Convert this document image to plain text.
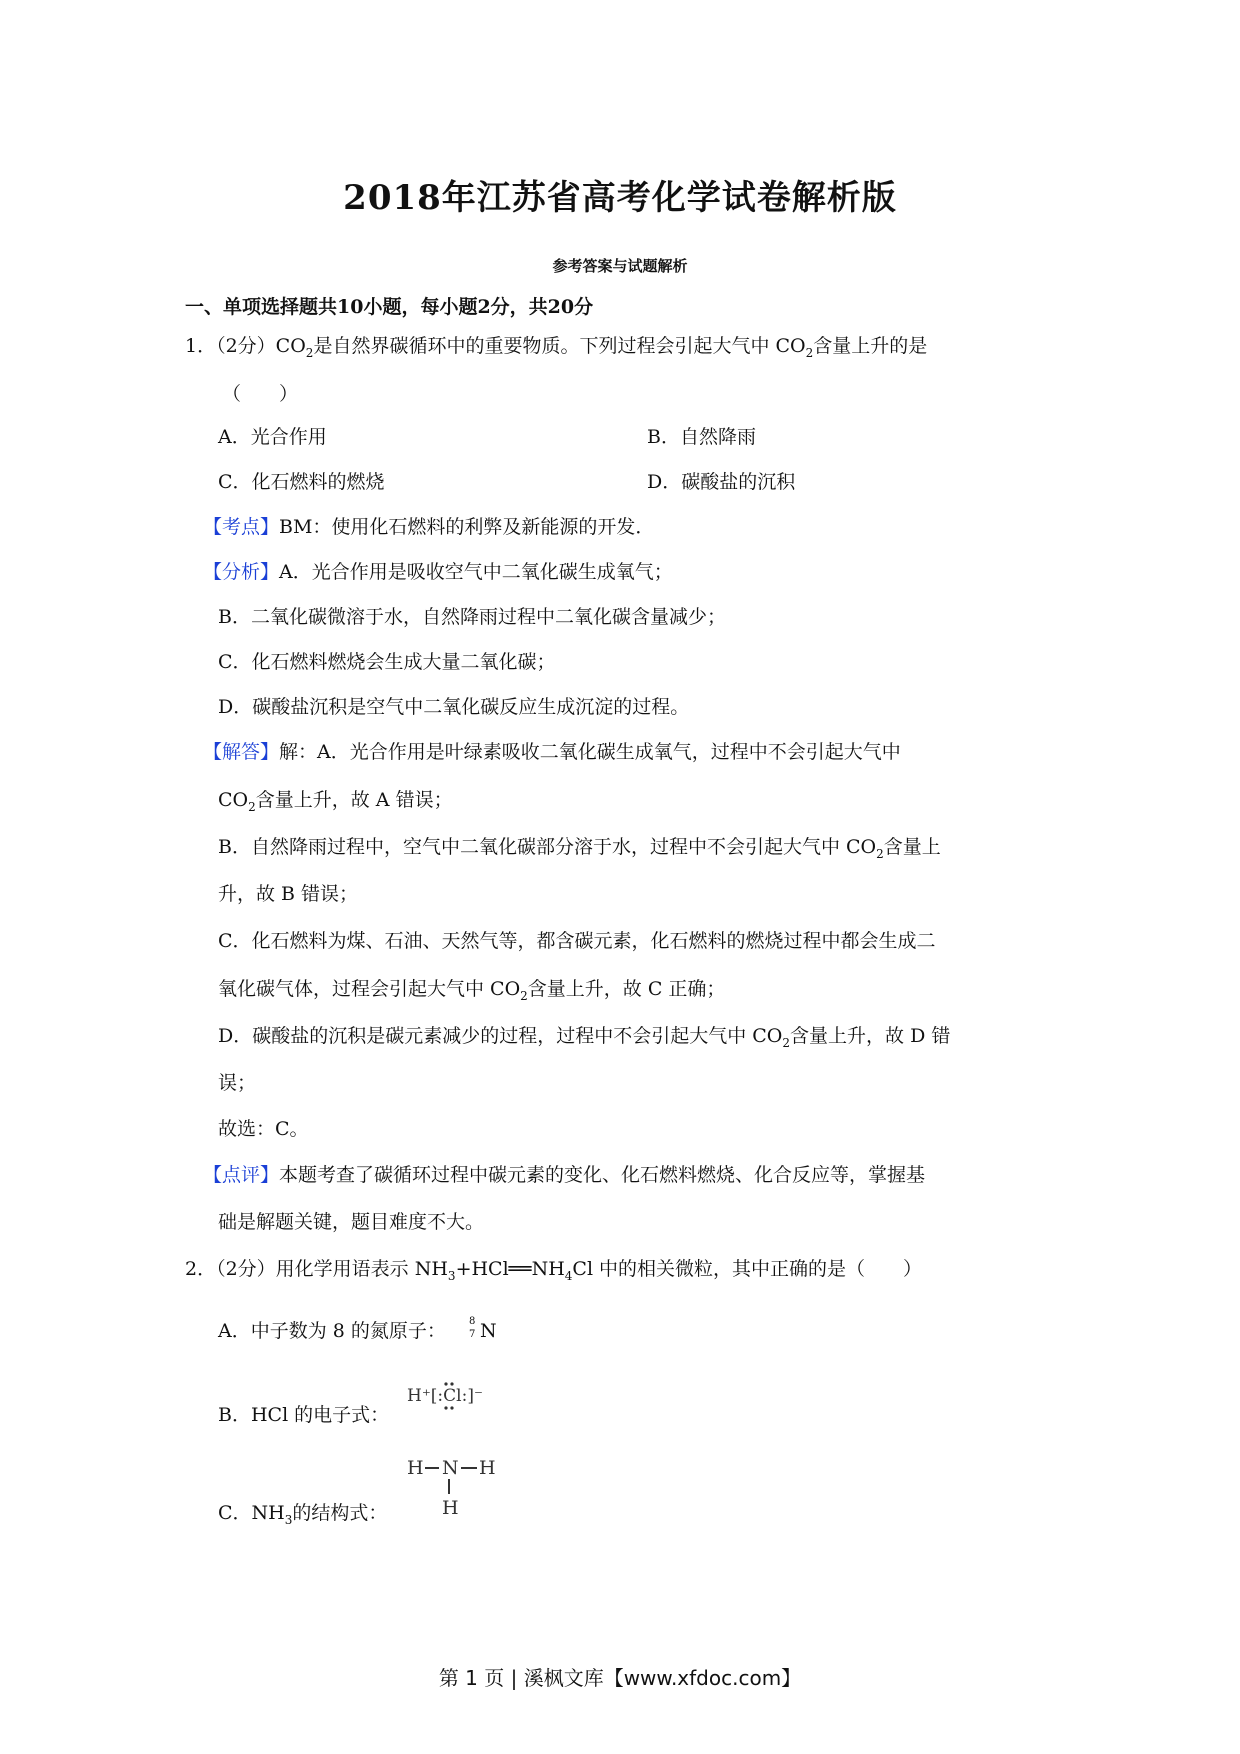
2018年江苏省高考化学试卷解析版
参考答案与试题解析
一、单项选择题共10小题，每小题2分，共20分
1．（2分）$CO_2$是自然界碳循环中的重要物质。下列过程会引起大气中 $CO_2$含量上升的是
（　　）
A．光合作用	B．自然降雨
C．化石燃料的燃烧	D．碳酸盐的沉积
【考点】BM：使用化石燃料的利弊及新能源的开发．
【分析】A．光合作用是吸收空气中二氧化碳生成氧气；
B．二氧化碳微溶于水，自然降雨过程中二氧化碳含量减少；
C．化石燃料燃烧会生成大量二氧化碳；
D．碳酸盐沉积是空气中二氧化碳反应生成沉淀的过程。
【解答】解：A．光合作用是叶绿素吸收二氧化碳生成氧气，过程中不会引起大气中
$CO_2$含量上升，故 A 错误；
B．自然降雨过程中，空气中二氧化碳部分溶于水，过程中不会引起大气中 $CO_2$含量上
升，故 B 错误；
C．化石燃料为煤、石油、天然气等，都含碳元素，化石燃料的燃烧过程中都会生成二
氧化碳气体，过程会引起大气中 $CO_2$含量上升，故 C 正确；
D．碳酸盐的沉积是碳元素减少的过程，过程中不会引起大气中 $CO_2$含量上升，故 D 错
误；
故选：C。
【点评】本题考查了碳循环过程中碳元素的变化、化石燃料燃烧、化合反应等，掌握基
础是解题关键，题目难度不大。
2．（2分）用化学用语表示 $NH_3+HCl══NH_4Cl$ 中的相关微粒，其中正确的是（　　）
A．中子数为 8 的氮原子： 8
7 N
H⁺[:Cl:]⁻
B．HCl 的电子式：
H N H
H
C．$NH_3$的结构式：
第 1 页 | 溪枫文库【www.xfdoc.com】
